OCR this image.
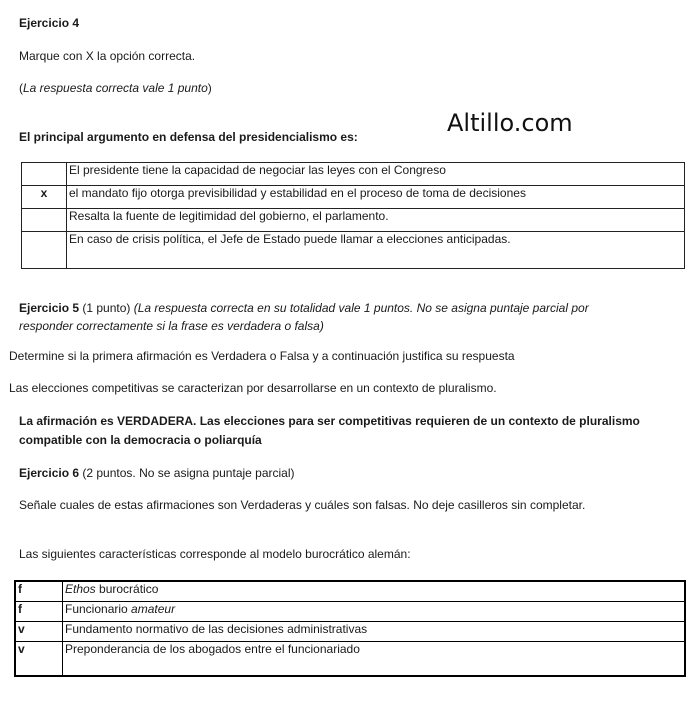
Ejercicio 4
Marque con X la opción correcta.
(La respuesta correcta vale 1 punto)
Altillo.com
El principal argumento en defensa del presidencialismo es:
	El presidente tiene la capacidad de negociar las leyes con el Congreso
x	el mandato fijo otorga previsibilidad y estabilidad en el proceso de toma de decisiones
	Resalta la fuente de legitimidad del gobierno, el parlamento.
	En caso de crisis política, el Jefe de Estado puede llamar a elecciones anticipadas.
Ejercicio 5 (1 punto) (La respuesta correcta en su totalidad vale 1 puntos. No se asigna puntaje parcial por
responder correctamente si la frase es verdadera o falsa)
Determine si la primera afirmación es Verdadera o Falsa y a continuación justifica su respuesta
Las elecciones competitivas se caracterizan por desarrollarse en un contexto de pluralismo.
La afirmación es VERDADERA. Las elecciones para ser competitivas requieren de un contexto de pluralismo
compatible con la democracia o poliarquía
Ejercicio 6 (2 puntos. No se asigna puntaje parcial)
Señale cuales de estas afirmaciones son Verdaderas y cuáles son falsas. No deje casilleros sin completar.
Las siguientes características corresponde al modelo burocrático alemán:
f	Ethos burocrático
f	Funcionario amateur
v	Fundamento normativo de las decisiones administrativas
v	Preponderancia de los abogados entre el funcionariado
